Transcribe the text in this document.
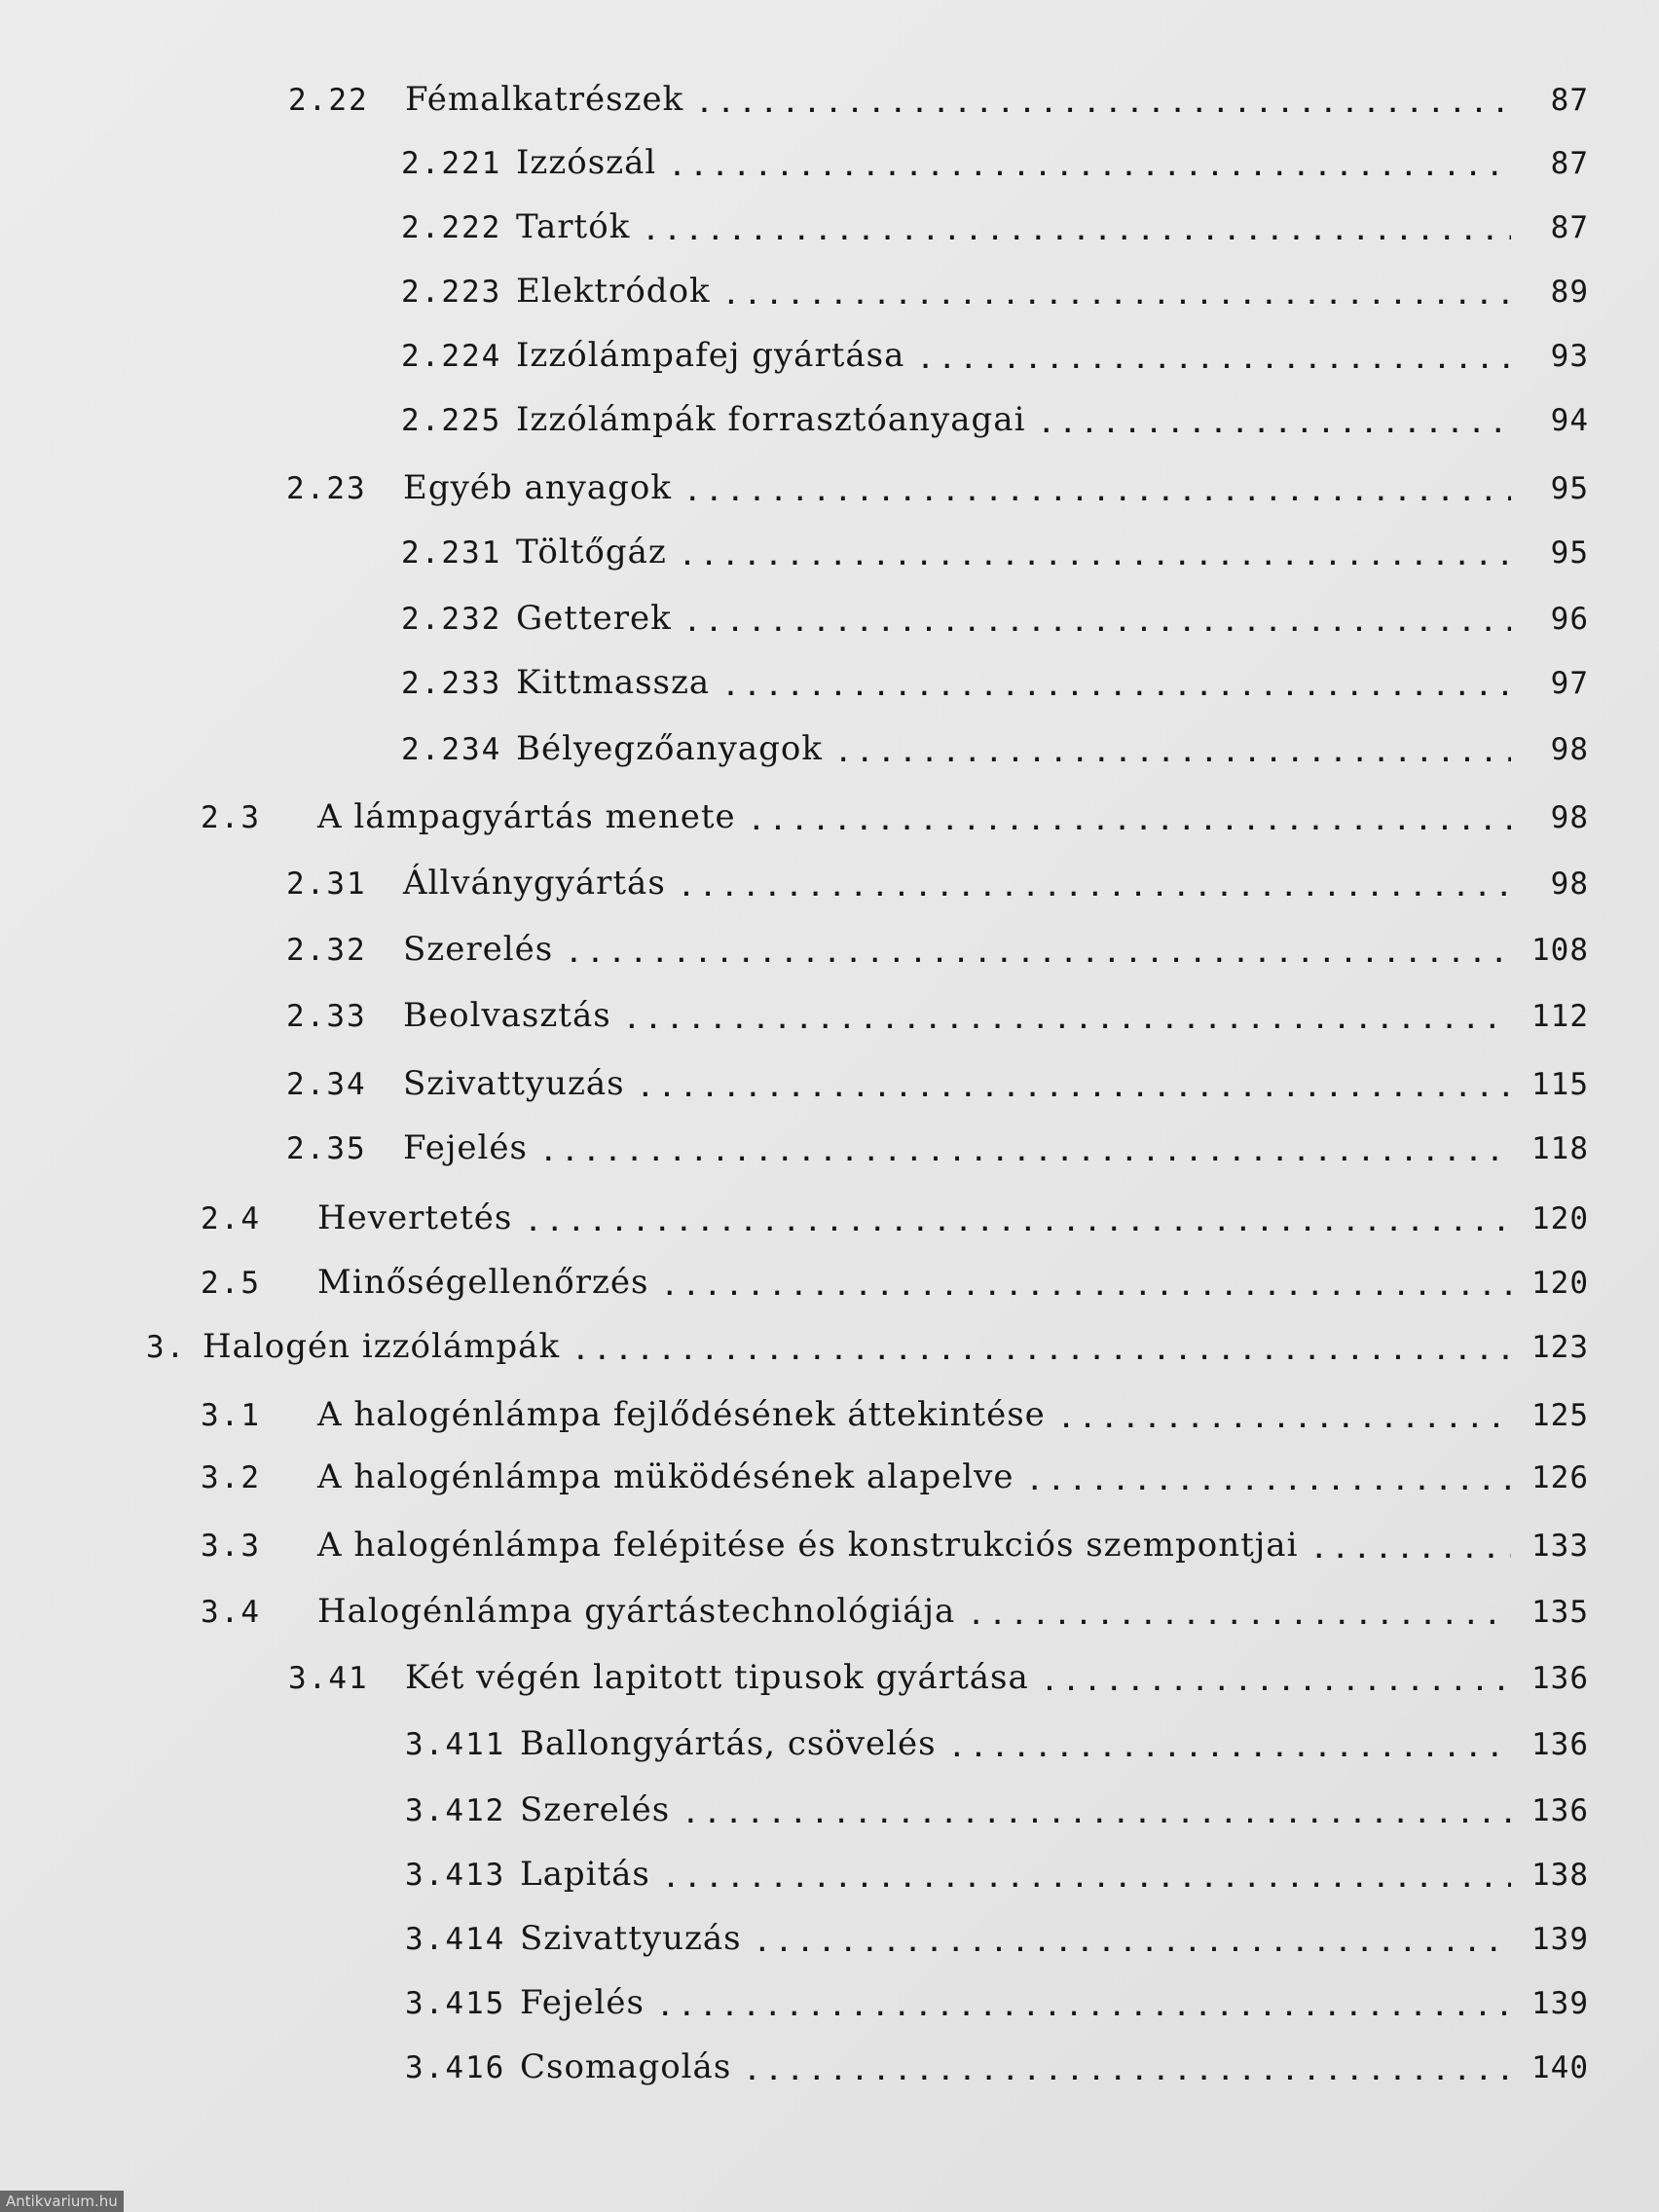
2.22	Fémalkatrészek . . .	87
2.221 Izzószál . . .	87
2.222 Tartók . . .	87
2.223 Elektródok . . .	89
2.224 Izzólámpafej gyártása . . .	93
2.225 Izzólámpák forrasztóanyagai . . .	94
2.23	Egyéb anyagok . . .	95
2.231 Töltőgáz . . .	95
2.232 Getterek . . .	96
2.233 Kittmassza . . .	97
2.234 Bélyegzőanyagok . . .	98
2.3	A lámpagyártás menete . . .	98
2.31	Állványgyártás . . .	98
2.32	Szerelés . . .	108
2.33	Beolvasztás . . .	112
2.34	Szivattyuzás . . .	115
2.35	Fejelés . . .	118
2.4	Hevertetés . . .	120
2.5	Minőségellenőrzés . . .	120
3. Halogén izzólámpák . . .	123
3.1	A halogénlámpa fejlődésének áttekintése . . .	125
3.2	A halogénlámpa müködésének alapelve . . .	126
3.3	A halogénlámpa felépitése és konstrukciós szempontjai . . .	133
3.4	Halogénlámpa gyártástechnológiája . . .	135
3.41	Két végén lapitott tipusok gyártása . . .	136
3.411 Ballongyártás, csövelés . . .	136
3.412 Szerelés . . .	136
3.413 Lapitás . . .	138
3.414 Szivattyuzás . . .	139
3.415 Fejelés . . .	139
3.416 Csomagolás . . .	140
Antikvarium.hu
